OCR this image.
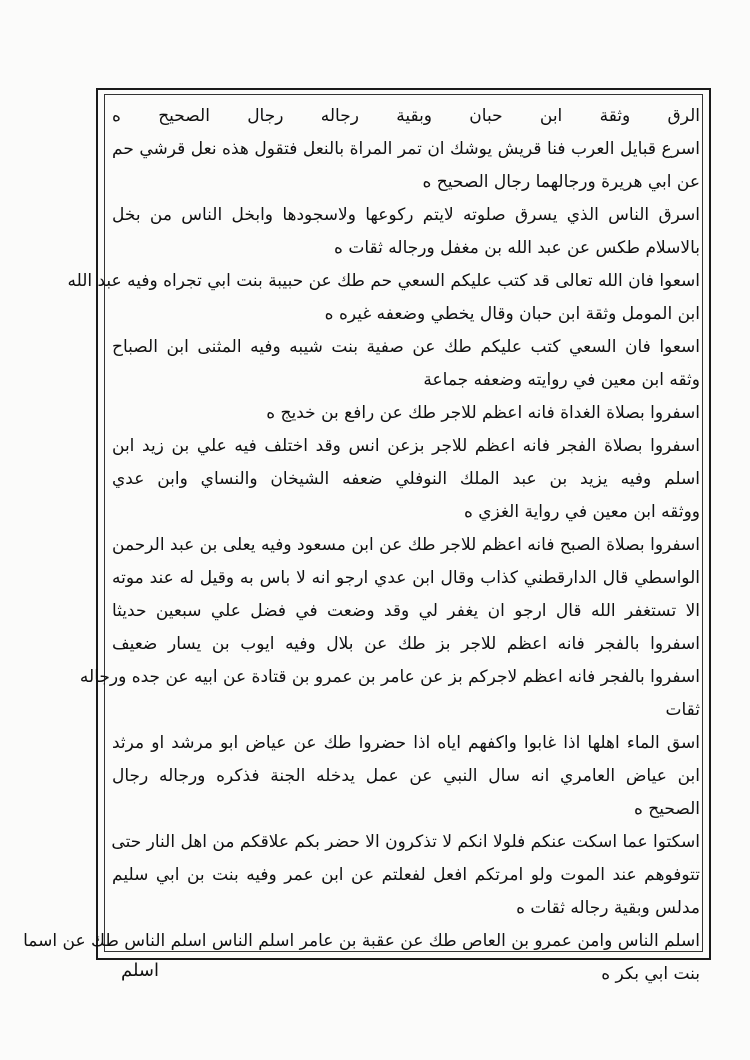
الرق وثقة ابن حبان وبقية رجاله رجال الصحيح ه
اسرع قبايل العرب فنا قريش يوشك ان تمر المراة بالنعل فتقول هذه نعل قرشي حم
عن ابي هريرة ورجالهما رجال الصحيح ه
اسرق الناس الذي يسرق صلوته لايتم ركوعها ولاسجودها وابخل الناس من بخل
بالاسلام طكس عن عبد الله بن مغفل ورجاله ثقات ه
اسعوا فان الله تعالى قد كتب عليكم السعي حم طك عن حبيبة بنت ابي تجراه وفيه عبد الله
ابن المومل وثقة ابن حبان وقال يخطي وضعفه غيره ه
اسعوا فان السعي كتب عليكم طك عن صفية بنت شيبه وفيه المثنى ابن الصباح
وثقه ابن معين في روايته وضعفه جماعة
اسفروا بصلاة الغداة فانه اعظم للاجر طك عن رافع بن خديج ه
اسفروا بصلاة الفجر فانه اعظم للاجر بزعن انس وقد اختلف فيه علي بن زيد ابن
اسلم وفيه يزيد بن عبد الملك النوفلي ضعفه الشيخان والنساي وابن عدي
ووثقه ابن معين في رواية الغزي ه
اسفروا بصلاة الصبح فانه اعظم للاجر طك عن ابن مسعود وفيه يعلى بن عبد الرحمن
الواسطي قال الدارقطني كذاب وقال ابن عدي ارجو انه لا باس به وقيل له عند موته
الا تستغفر الله قال ارجو ان يغفر لي وقد وضعت في فضل علي سبعين حديثا
اسفروا بالفجر فانه اعظم للاجر بز طك عن بلال وفيه ايوب بن يسار ضعيف
اسفروا بالفجر فانه اعظم لاجركم بز عن عامر بن عمرو بن قتادة عن ابيه عن جده ورجاله
ثقات
اسق الماء اهلها اذا غابوا واكفهم اياه اذا حضروا طك عن عياض ابو مرشد او مرثد
ابن عياض العامري انه سال النبي عن عمل يدخله الجنة فذكره ورجاله رجال
الصحيح ه
اسكتوا عما اسكت عنكم فلولا انكم لا تذكرون الا حضر بكم علاقكم من اهل النار حتى
تتوفوهم عند الموت ولو امرتكم افعل لفعلتم عن ابن عمر وفيه بنت بن ابي سليم
مدلس وبقية رجاله ثقات ه
اسلم الناس وامن عمرو بن العاص طك عن عقبة بن عامر اسلم الناس اسلم الناس طك عن اسما
بنت ابي بكر ه
اسلم
